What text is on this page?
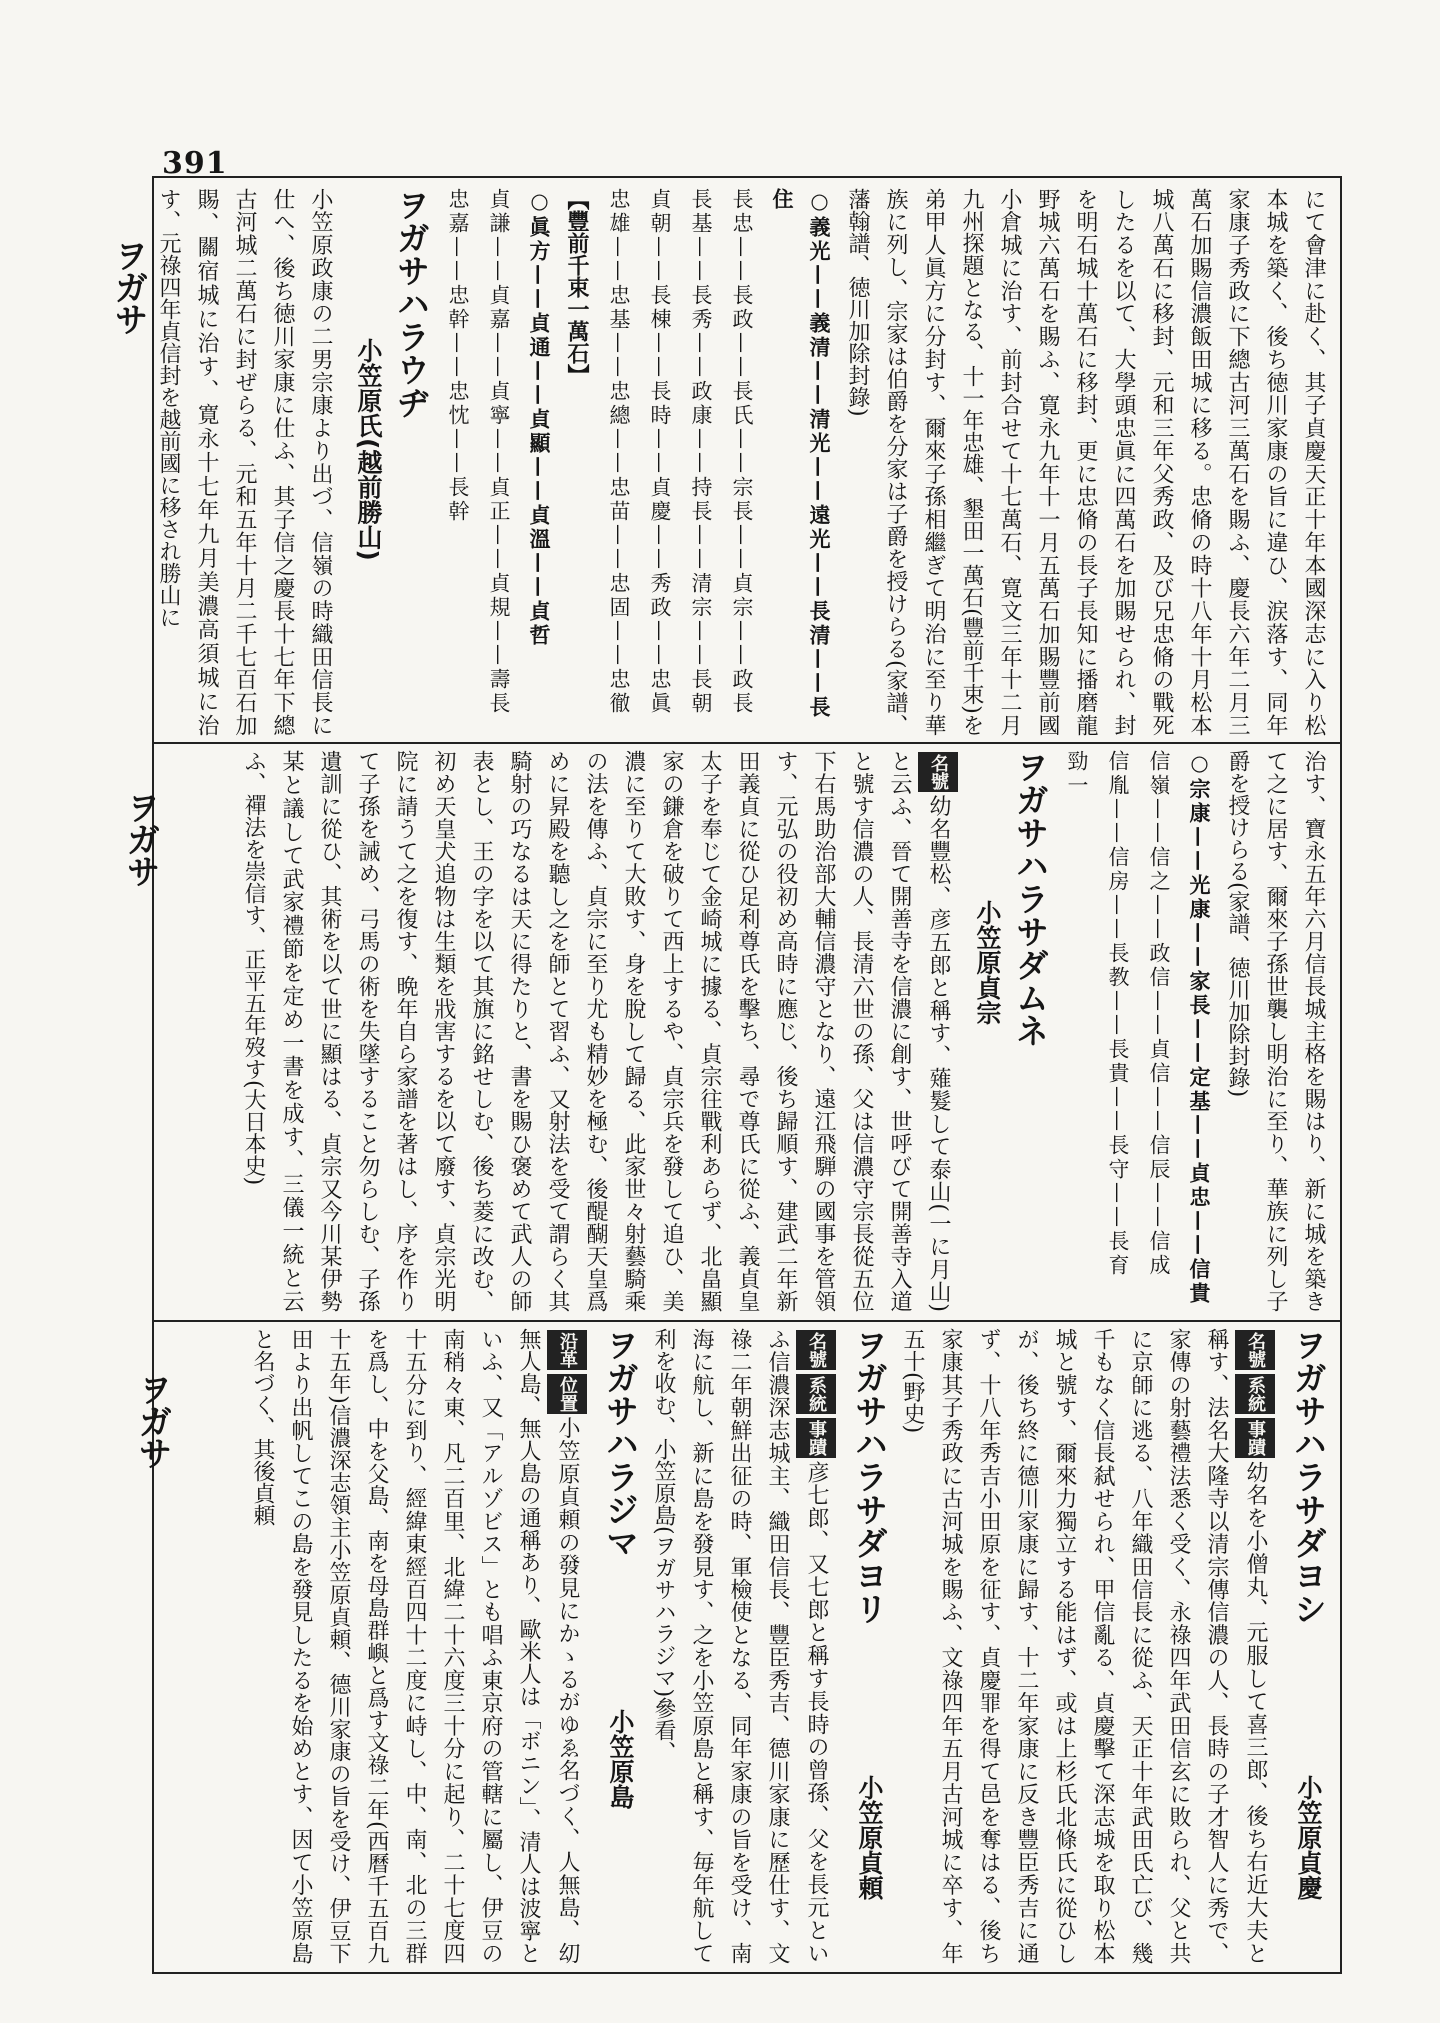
391
ヲガサ
ヲガサ
ヲガサ
にて會津に赴く、其子貞慶天正十年本國深志に入り松本城を築く、後ち徳川家康の旨に違ひ、涙落す、同年家康子秀政に下總古河三萬石を賜ふ、慶長六年二月三萬石加賜信濃飯田城に移る。忠脩の時十八年十月松本城八萬石に移封、元和三年父秀政、及び兄忠脩の戰死したるを以て、大學頭忠眞に四萬石を加賜せられ、封を明石城十萬石に移封、更に忠脩の長子長知に播磨龍野城六萬石を賜ふ、寛永九年十一月五萬石加賜豐前國小倉城に治す、前封合せて十七萬石、寛文三年十二月九州探題となる、十一年忠雄、墾田一萬石(豐前千束)を弟甲人眞方に分封す、爾來子孫相繼ぎて明治に至り華族に列し、宗家は伯爵を分家は子爵を授けらる(家譜、藩翰譜、徳川加除封錄)
○義光——義清——清光——遠光——長清——長住
長忠——長政——長氏——宗長——貞宗——政長
長基——長秀——政康——持長——清宗——長朝
貞朝——長棟——長時——貞慶——秀政——忠眞
忠雄——忠基——忠總——忠苗——忠固——忠徹
【豐前千束一萬石】
○眞方——貞通——貞顯——貞溫——貞哲
貞謙——貞嘉——貞寧——貞正——貞規——壽長
忠嘉——忠幹——忠忱——長幹
ヲガサハラウヂ小笠原氏(越前勝山)
小笠原政康の二男宗康より出づ、信嶺の時織田信長に仕へ、後ち徳川家康に仕ふ、其子信之慶長十七年下總古河城二萬石に封ぜらる、元和五年十月二千七百石加賜、關宿城に治す、寛永十七年九月美濃高須城に治す、元祿四年貞信封を越前國に移され勝山に
治す、寶永五年六月信長城主格を賜はり、新に城を築きて之に居す、爾來子孫世襲し明治に至り、華族に列し子爵を授けらる(家譜、徳川加除封錄)
○宗康——光康——家長——定基——貞忠——信貴
信嶺——信之——政信——貞信——信辰——信成
信胤——信房——長教——長貴——長守——長育
勁一
ヲガサハラサダムネ小笠原貞宗
名號幼名豐松、彦五郎と稱す、薙髮して泰山(一に月山)と云ふ、晉て開善寺を信濃に創す、世呼びて開善寺入道と號す信濃の人、長清六世の孫、父は信濃守宗長從五位下右馬助治部大輔信濃守となり、遠江飛騨の國事を管領す、元弘の役初め高時に應じ、後ち歸順す、建武二年新田義貞に從ひ足利尊氏を擊ち、尋で尊氏に從ふ、義貞皇太子を奉じて金崎城に據る、貞宗往戰利あらず、北畠顯家の鎌倉を破りて西上するや、貞宗兵を發して追ひ、美濃に至りて大敗す、身を脫して歸る、此家世々射藝騎乘の法を傳ふ、貞宗に至り尤も精妙を極む、後醍醐天皇爲めに昇殿を聽し之を師とて習ふ、又射法を受て謂らく其騎射の巧なるは天に得たりと、書を賜ひ褒めて武人の師表とし、王の字を以て其旗に銘せしむ、後ち菱に改む、初め天皇犬追物は生類を戕害するを以て廢す、貞宗光明院に請うて之を復す、晩年自ら家譜を著はし、序を作りて子孫を誡め、弓馬の術を失墜すること勿らしむ、子孫遺訓に從ひ、其術を以て世に顯はる、貞宗又今川某伊勢某と議して武家禮節を定め一書を成す、三儀一統と云ふ、禪法を崇信す、正平五年歿す(大日本史)
ヲガサハラサダヨシ小笠原貞慶
名號系統事蹟幼名を小僧丸、元服して喜三郎、後ち右近大夫と稱す、法名大隆寺以清宗傳信濃の人、長時の子才智人に秀で、家傳の射藝禮法悉く受く、永祿四年武田信玄に敗られ、父と共に京師に逃る、八年織田信長に從ふ、天正十年武田氏亡び、幾千もなく信長弑せられ、甲信亂る、貞慶擊て深志城を取り松本城と號す、爾來力獨立する能はず、或は上杉氏北條氏に從ひしが、後ち終に德川家康に歸す、十二年家康に反き豐臣秀吉に通ず、十八年秀吉小田原を征す、貞慶罪を得て邑を奪はる、後ち家康其子秀政に古河城を賜ふ、文祿四年五月古河城に卒す、年五十(野史)
ヲガサハラサダヨリ小笠原貞頼
名號系統事蹟彦七郎、又七郎と稱す長時の曾孫、父を長元といふ信濃深志城主、織田信長、豐臣秀吉、德川家康に歷仕す、文祿二年朝鮮出征の時、軍檢使となる、同年家康の旨を受け、南海に航し、新に島を發見す、之を小笠原島と稱す、毎年航して利を收む、小笠原島(ヲガサハラジマ)參看、
ヲガサハラジマ小笠原島
沿革位置小笠原貞頼の發見にかゝるがゆゑ名づく、人無島、㓜無人島、無人島の通稱あり、歐米人は「ボニン」、清人は波寧といふ、又「アルゾビス」とも唱ふ東京府の管轄に屬し、伊豆の南稍々東、凡二百里、北緯二十六度三十分に起り、二十七度四十五分に到り、經緯東經百四十二度に峙し、中、南、北の三群を爲し、中を父島、南を母島群嶼と爲す文祿二年(西曆千五百九十五年)信濃深志領主小笠原貞頼、德川家康の旨を受け、伊豆下田より出帆してこの島を發見したるを始めとす、因て小笠原島と名づく、其後貞頼
